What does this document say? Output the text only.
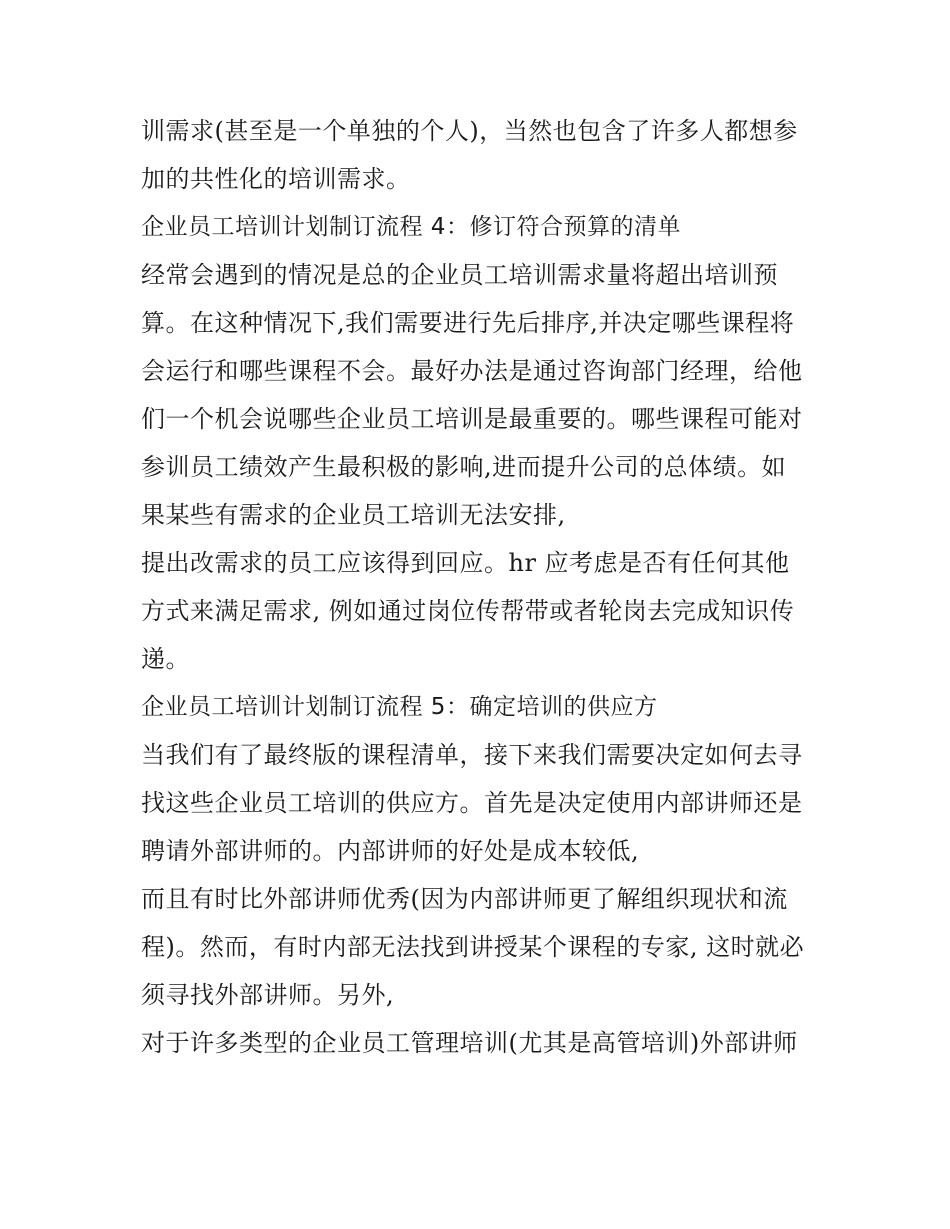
训需求(甚至是一个单独的个人)，当然也包含了许多人都想参
加的共性化的培训需求。
企业员工培训计划制订流程 4：修订符合预算的清单
经常会遇到的情况是总的企业员工培训需求量将超出培训预
算。在这种情况下,我们需要进行先后排序,并决定哪些课程将
会运行和哪些课程不会。最好办法是通过咨询部门经理，给他
们一个机会说哪些企业员工培训是最重要的。哪些课程可能对
参训员工绩效产生最积极的影响,进而提升公司的总体绩。如
果某些有需求的企业员工培训无法安排,
提出改需求的员工应该得到回应。hr 应考虑是否有任何其他
方式来满足需求, 例如通过岗位传帮带或者轮岗去完成知识传
递。
企业员工培训计划制订流程 5：确定培训的供应方
当我们有了最终版的课程清单，接下来我们需要决定如何去寻
找这些企业员工培训的供应方。首先是决定使用内部讲师还是
聘请外部讲师的。内部讲师的好处是成本较低,
而且有时比外部讲师优秀(因为内部讲师更了解组织现状和流
程)。然而，有时内部无法找到讲授某个课程的专家, 这时就必
须寻找外部讲师。另外,
对于许多类型的企业员工管理培训(尤其是高管培训)外部讲师
